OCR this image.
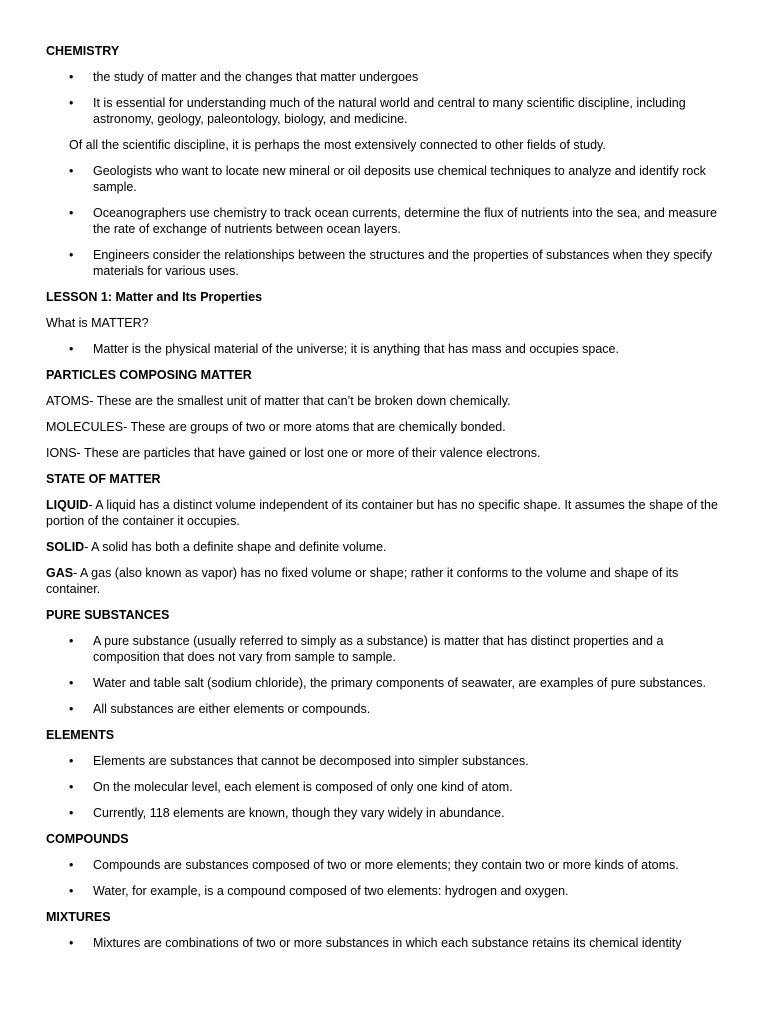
CHEMISTRY
• the study of matter and the changes that matter undergoes
• It is essential for understanding much of the natural world and central to many scientific discipline, including astronomy, geology, paleontology, biology, and medicine.
Of all the scientific discipline, it is perhaps the most extensively connected to other fields of study.
• Geologists who want to locate new mineral or oil deposits use chemical techniques to analyze and identify rock sample.
• Oceanographers use chemistry to track ocean currents, determine the flux of nutrients into the sea, and measure the rate of exchange of nutrients between ocean layers.
• Engineers consider the relationships between the structures and the properties of substances when they specify materials for various uses.
LESSON 1: Matter and Its Properties
What is MATTER?
• Matter is the physical material of the universe; it is anything that has mass and occupies space.
PARTICLES COMPOSING MATTER
ATOMS- These are the smallest unit of matter that can’t be broken down chemically.
MOLECULES- These are groups of two or more atoms that are chemically bonded.
IONS- These are particles that have gained or lost one or more of their valence electrons.
STATE OF MATTER
LIQUID- A liquid has a distinct volume independent of its container but has no specific shape. It assumes the shape of the portion of the container it occupies.
SOLID- A solid has both a definite shape and definite volume.
GAS- A gas (also known as vapor) has no fixed volume or shape; rather it conforms to the volume and shape of its container.
PURE SUBSTANCES
• A pure substance (usually referred to simply as a substance) is matter that has distinct properties and a composition that does not vary from sample to sample.
• Water and table salt (sodium chloride), the primary components of seawater, are examples of pure substances.
• All substances are either elements or compounds.
ELEMENTS
• Elements are substances that cannot be decomposed into simpler substances.
• On the molecular level, each element is composed of only one kind of atom.
• Currently, 118 elements are known, though they vary widely in abundance.
COMPOUNDS
• Compounds are substances composed of two or more elements; they contain two or more kinds of atoms.
• Water, for example, is a compound composed of two elements: hydrogen and oxygen.
MIXTURES
• Mixtures are combinations of two or more substances in which each substance retains its chemical identity
